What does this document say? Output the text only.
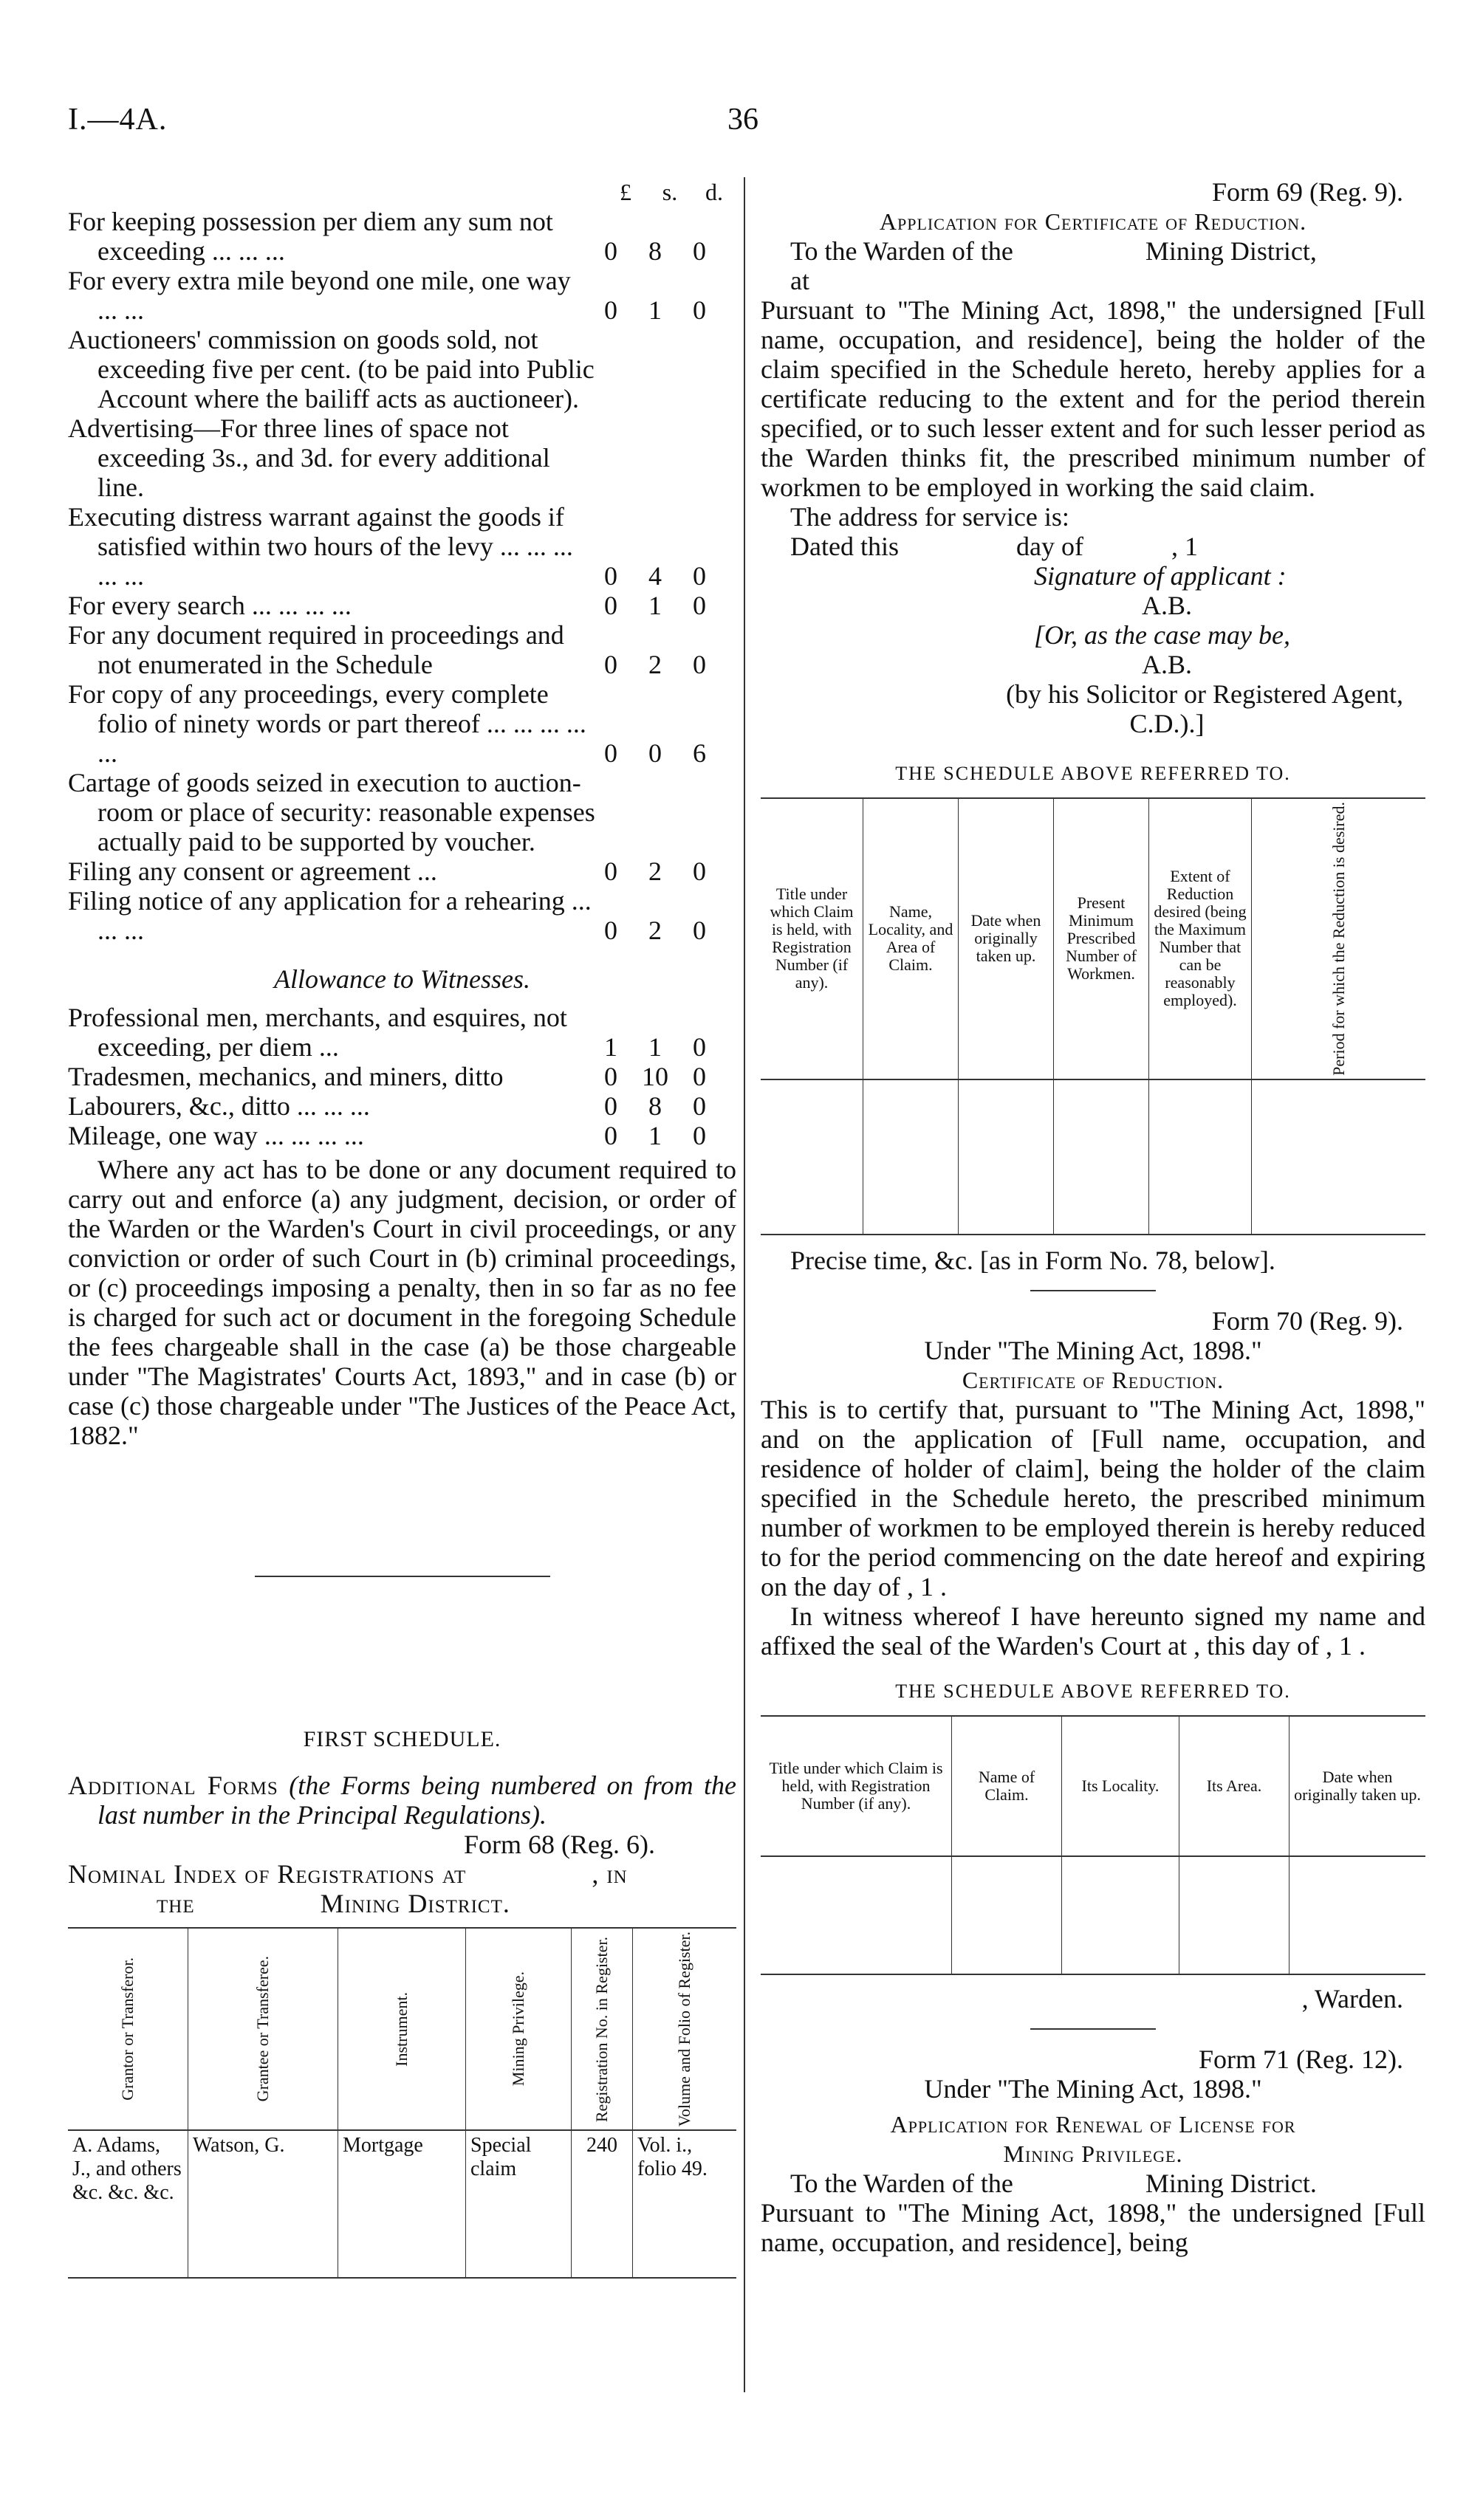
I.—4A.	36
£	s.	d.
For keeping possession per diem any sum not exceeding ... ... ...	0	8	0
For every extra mile beyond one mile, one way ... ...	0	1	0
Auctioneers' commission on goods sold, not exceeding five per cent. (to be paid into Public Account where the bailiff acts as auctioneer).
Advertising—For three lines of space not exceeding 3s., and 3d. for every additional line.
Executing distress warrant against the goods if satisfied within two hours of the levy ... ... ... ... ...	0	4	0
For every search ... ... ... ...	0	1	0
For any document required in proceedings and not enumerated in the Schedule	0	2	0
For copy of any proceedings, every complete folio of ninety words or part thereof ... ... ... ... ...	0	0	6
Cartage of goods seized in execution to auction-room or place of security: reasonable expenses actually paid to be supported by voucher.
Filing any consent or agreement ...	0	2	0
Filing notice of any application for a rehearing ... ... ...	0	2	0
Allowance to Witnesses.
Professional men, merchants, and esquires, not exceeding, per diem ...	1	1	0
Tradesmen, mechanics, and miners, ditto	0 10 0
Labourers, &c., ditto ... ... ...	0	8	0
Mileage, one way ... ... ... ...	0	1	0
Where any act has to be done or any document required to carry out and enforce (a) any judgment, decision, or order of the Warden or the Warden's Court in civil proceedings, or any conviction or order of such Court in (b) criminal proceedings, or (c) proceedings imposing a penalty, then in so far as no fee is charged for such act or document in the foregoing Schedule the fees chargeable shall in the case (a) be those chargeable under "The Magistrates' Courts Act, 1893," and in case (b) or case (c) those chargeable under "The Justices of the Peace Act, 1882."
FIRST SCHEDULE.
Additional Forms (the Forms being numbered on from the last number in the Principal Regulations).
Form 68 (Reg. 6).
Nominal Index of Registrations at	, in
the	Mining District.
Grantor or Transferor.	Grantee or Transferee.	Instrument.	Mining Privilege.	Registration No. in Register.	Volume and Folio of Register.

A. Adams, J., and others &c. &c. &c.	Watson, G.	Mortgage	Special claim	240	Vol. i., folio 49.
Form 69 (Reg. 9).
Application for Certificate of Reduction.
To the Warden of the	Mining District,
at
Pursuant to "The Mining Act, 1898," the undersigned [Full name, occupation, and residence], being the holder of the claim specified in the Schedule hereto, hereby applies for a certificate reducing to the extent and for the period therein specified, or to such lesser extent and for such lesser period as the Warden thinks fit, the prescribed minimum number of workmen to be employed in working the said claim.
The address for service is:
Dated this	day of	, 1
Signature of applicant :
A.B.
[Or, as the case may be,
A.B.
(by his Solicitor or Registered Agent,
C.D.).]
THE SCHEDULE ABOVE REFERRED TO.
Title under which Claim is held, with Registration Number (if any).	Name, Locality, and Area of Claim.	Date when originally taken up.	Present Minimum Prescribed Number of Workmen.	Extent of Reduction desired (being the Maximum Number that can be reasonably employed).	Period for which the Reduction is desired.

Precise time, &c. [as in Form No. 78, below].
Form 70 (Reg. 9).
Under "The Mining Act, 1898."
Certificate of Reduction.
This is to certify that, pursuant to "The Mining Act, 1898," and on the application of [Full name, occupation, and residence of holder of claim], being the holder of the claim specified in the Schedule hereto, the prescribed minimum number of workmen to be employed therein is hereby reduced to for the period commencing on the date hereof and expiring on the day of , 1 .
In witness whereof I have hereunto signed my name and affixed the seal of the Warden's Court at , this day of , 1 .
THE SCHEDULE ABOVE REFERRED TO.
Title under which Claim is held, with Registration Number (if any).	Name of Claim.	Its Locality.	Its Area.	Date when originally taken up.

, Warden.
Form 71 (Reg. 12).
Under "The Mining Act, 1898."
Application for Renewal of License for
Mining Privilege.
To the Warden of the	Mining District.
Pursuant to "The Mining Act, 1898," the undersigned [Full name, occupation, and residence], being
